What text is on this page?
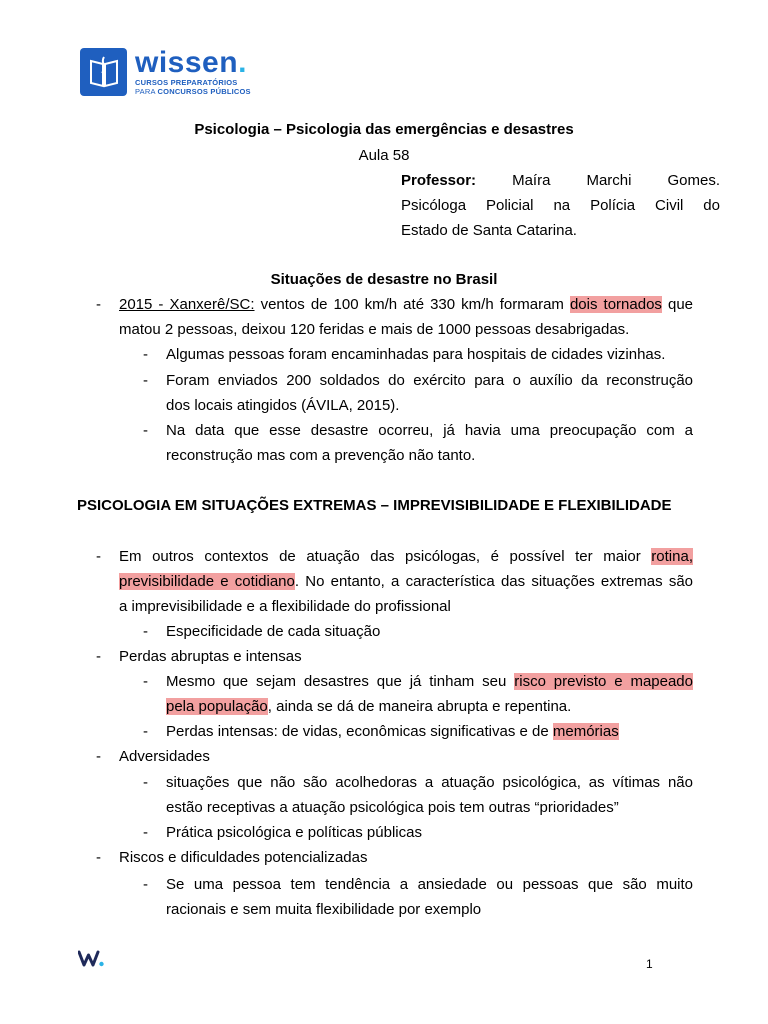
wissen.
CURSOS PREPARATÓRIOS
PARA CONCURSOS PÚBLICOS
Psicologia – Psicologia das emergências e desastres
Aula 58
Professor: Maíra Marchi Gomes.
Psicóloga Policial na Polícia Civil do
Estado de Santa Catarina.
Situações de desastre no Brasil
- 2015 - Xanxerê/SC: ventos de 100 km/h até 330 km/h formaram dois tornados que
matou 2 pessoas, deixou 120 feridas e mais de 1000 pessoas desabrigadas.
- Algumas pessoas foram encaminhadas para hospitais de cidades vizinhas.
- Foram enviados 200 soldados do exército para o auxílio da reconstrução
dos locais atingidos (ÁVILA, 2015).
- Na data que esse desastre ocorreu, já havia uma preocupação com a
reconstrução mas com a prevenção não tanto.
PSICOLOGIA EM SITUAÇÕES EXTREMAS – IMPREVISIBILIDADE E FLEXIBILIDADE
- Em outros contextos de atuação das psicólogas, é possível ter maior rotina,
previsibilidade e cotidiano. No entanto, a característica das situações extremas são
a imprevisibilidade e a flexibilidade do profissional
- Especificidade de cada situação
- Perdas abruptas e intensas
- Mesmo que sejam desastres que já tinham seu risco previsto e mapeado
pela população, ainda se dá de maneira abrupta e repentina.
- Perdas intensas: de vidas, econômicas significativas e de memórias
- Adversidades
- situações que não são acolhedoras a atuação psicológica, as vítimas não
estão receptivas a atuação psicológica pois tem outras “prioridades”
- Prática psicológica e políticas públicas
- Riscos e dificuldades potencializadas
- Se uma pessoa tem tendência a ansiedade ou pessoas que são muito
racionais e sem muita flexibilidade por exemplo
1
